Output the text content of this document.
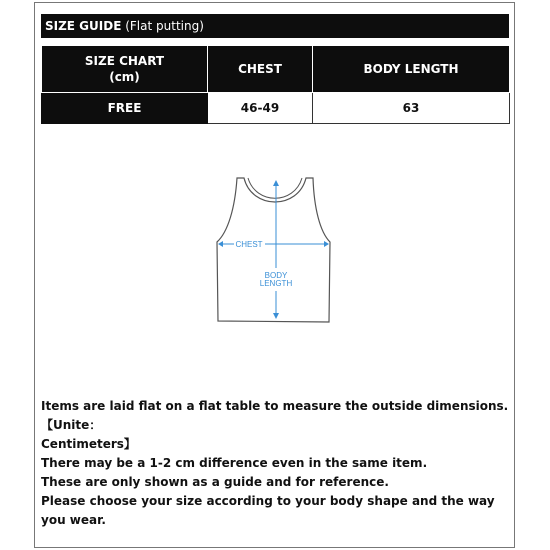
SIZE GUIDE (Flat putting)
SIZE CHART
(cm)	CHEST	BODY LENGTH
FREE	46-49	63
CHEST
BODY
LENGTH

Items are laid flat on a flat table to measure the outside dimensions.【Unite：

Centimeters】

There may be a 1-2 cm difference even in the same item.

These are only shown as a guide and for reference.

Please choose your size according to your body shape and the way you wear.
